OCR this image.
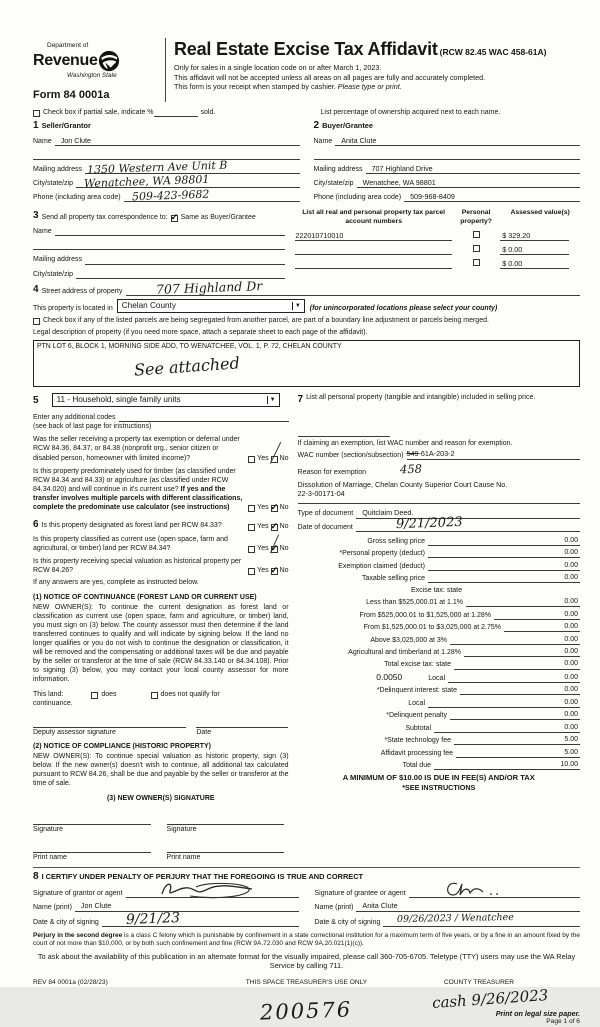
Department of
Revenue
Washington State
Form 84 0001a
Real Estate Excise Tax Affidavit (RCW 82.45 WAC 458-61A)
Only for sales in a single location code on or after March 1, 2023.
This affidavit will not be accepted unless all areas on all pages are fully and accurately completed.
This form is your receipt when stamped by cashier. Please type or print.
Check box if partial sale, indicate %	sold.	List percentage of ownership acquired next to each name.
1 Seller/Grantor
Name	Jon Clute
Mailing address 1350 Western Ave Unit B
City/state/zip Wenatchee, WA 98801
Phone (including area code) 509-423-9682
2 Buyer/Grantee
Name	Anita Clute
Mailing address	707 Highland Drive
City/state/zip	Wenatchee, WA 98801
Phone (including area code)	509-968-8409
3 Send all property tax correspondence to: ✓ Same as Buyer/Grantee
Name
Mailing address
City/state/zip
List all real and personal property tax parcel account numbers
Personal property?
Assessed value(s)
222010710010	$ 329.20
$ 0.00
$ 0.00
4 Street address of property	707 Highland Dr
This property is located in Chelan County	▼ (for unincorporated locations please select your county)
Check box if any of the listed parcels are being segregated from another parcel, are part of a boundary line adjustment or parcels being merged.
Legal description of property (if you need more space, attach a separate sheet to each page of the affidavit).
PTN LOT 6, BLOCK 1, MORNING SIDE ADD, TO WENATCHEE, VOL. 1, P. 72, CHELAN COUNTY
See attached
5 11 - Household, single family units	▼
Enter any additional codes
(see back of last page for instructions)
Was the seller receiving a property tax exemption or deferral under RCW 84.36, 84.37, or 84.38 (nonprofit org., senior citizen or disabled person, homeowner with limited income)?	Yes No
Is this property predominately used for timber (as classified under RCW 84.34 and 84.33) or agriculture (as classified under RCW 84.34.020) and will continue in it's current use? If yes and the transfer involves multiple parcels with different classifications, complete the predominate use calculator (see instructions)	Yes ✓ No
6 Is this property designated as forest land per RCW 84.33?	Yes ✓ No
Is this property classified as current use (open space, farm and agricultural, or timber) land per RCW 84.34?	Yes ✓ No
Is this property receiving special valuation as historical property per RCW 84.26?	Yes ✓ No
If any answers are yes, complete as instructed below.
(1) NOTICE OF CONTINUANCE (FOREST LAND OR CURRENT USE)
NEW OWNER(S): To continue the current designation as forest land or classification as current use (open space, farm and agriculture, or timber) land, you must sign on (3) below. The county assessor must then determine if the land transferred continues to qualify and will indicate by signing below. If the land no longer qualifies or you do not wish to continue the designation or classification, it will be removed and the compensating or additional taxes will be due and payable by the seller or transferor at the time of sale (RCW 84.33.140 or 84.34.108). Prior to signing (3) below, you may contact your local county assessor for more information.
This land:	does	does not qualify for
continuance.
Deputy assessor signature	Date
(2) NOTICE OF COMPLIANCE (HISTORIC PROPERTY)
NEW OWNER(S): To continue special valuation as historic property, sign (3) below. If the new owner(s) doesn't wish to continue, all additional tax calculated pursuant to RCW 84.26, shall be due and payable by the seller or transferor at the time of sale.
(3) NEW OWNER(S) SIGNATURE
Signature	Signature
Print name	Print name
7 List all personal property (tangible and intangible) included in selling price.
If claiming an exemption, list WAC number and reason for exemption.
WAC number (section/subsection) 549-61A-203-2
Reason for exemption	458
Dissolution of Marriage, Chelan County Superior Court Cause No.
22-3-00171-04
Type of document	Quitclaim Deed.
Date of document	9/21/2023
Gross selling price	0.00
*Personal property (deduct)	0.00
Exemption claimed (deduct)	0.00
Taxable selling price	0.00
Excise tax: state
Less than $525,000.01 at 1.1%	0.00
From $525,000.01 to $1,525,000 at 1.28%	0.00
From $1,525,000.01 to $3,025,000 at 2.75%	0.00
Above $3,025,000 at 3%	0.00
Agricultural and timberland at 1.28%	0.00
Total excise tax: state	0.00
0.0050	Local	0.00
*Delinquent interest: state	0.00
Local	0.00
*Delinquent penalty	0.00
Subtotal	0.00
*State technology fee	5.00
Affidavit processing fee	5.00
Total due	10.00
A MINIMUM OF $10.00 IS DUE IN FEE(S) AND/OR TAX
*SEE INSTRUCTIONS
8 I CERTIFY UNDER PENALTY OF PERJURY THAT THE FOREGOING IS TRUE AND CORRECT
Signature of grantor or agent
Name (print)	Jon Clute
Date & city of signing 9/21/23
Signature of grantee or agent
Name (print)	Anita Clute
Date & city of signing	09/26/2023 / Wenatchee
Perjury in the second degree is a class C felony which is punishable by confinement in a state correctional institution for a maximum term of five years, or by a fine in an amount fixed by the court of not more than $10,000, or by both such confinement and fine (RCW 9A.72.030 and RCW 9A.20.021(1)(c)).
To ask about the availability of this publication in an alternate format for the visually impaired, please call 360-705-6705. Teletype (TTY) users may use the WA Relay Service by calling 711.
REV 84 0001a (02/28/23)	THIS SPACE TREASURER'S USE ONLY
200576
COUNTY TREASURER
cash 9/26/2023
Print on legal size paper.
Page 1 of 6
